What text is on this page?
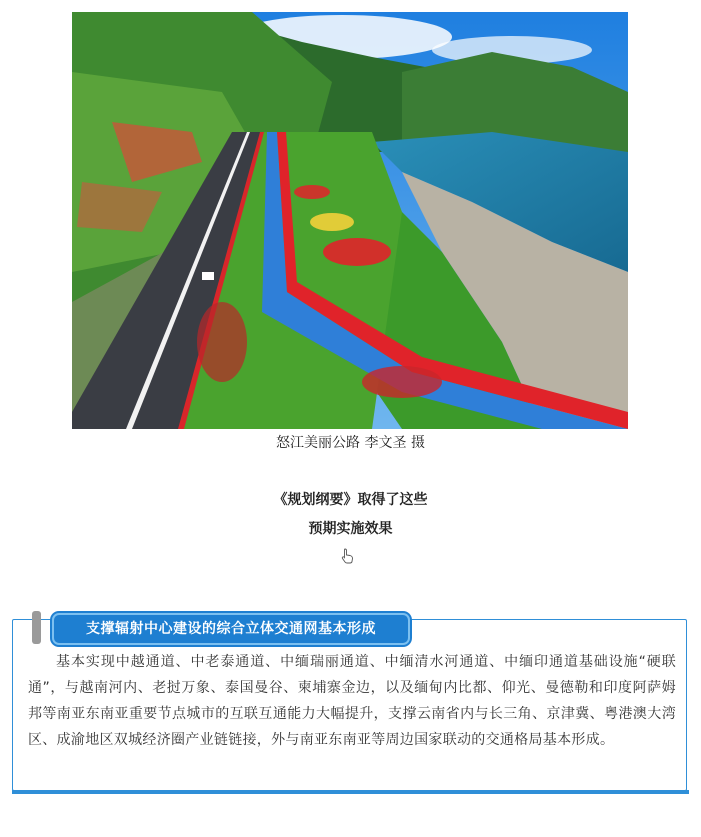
怒江美丽公路 李文圣 摄
《规划纲要》取得了这些
预期实施效果
支撑辐射中心建设的综合立体交通网基本形成
基本实现中越通道、中老泰通道、中缅瑞丽通道、中缅清水河通道、中缅印通道基础设施“硬联通”，与越南河内、老挝万象、泰国曼谷、柬埔寨金边，以及缅甸内比都、仰光、曼德勒和印度阿萨姆邦等南亚东南亚重要节点城市的互联互通能力大幅提升，支撑云南省内与长三角、京津冀、粤港澳大湾区、成渝地区双城经济圈产业链链接，外与南亚东南亚等周边国家联动的交通格局基本形成。
